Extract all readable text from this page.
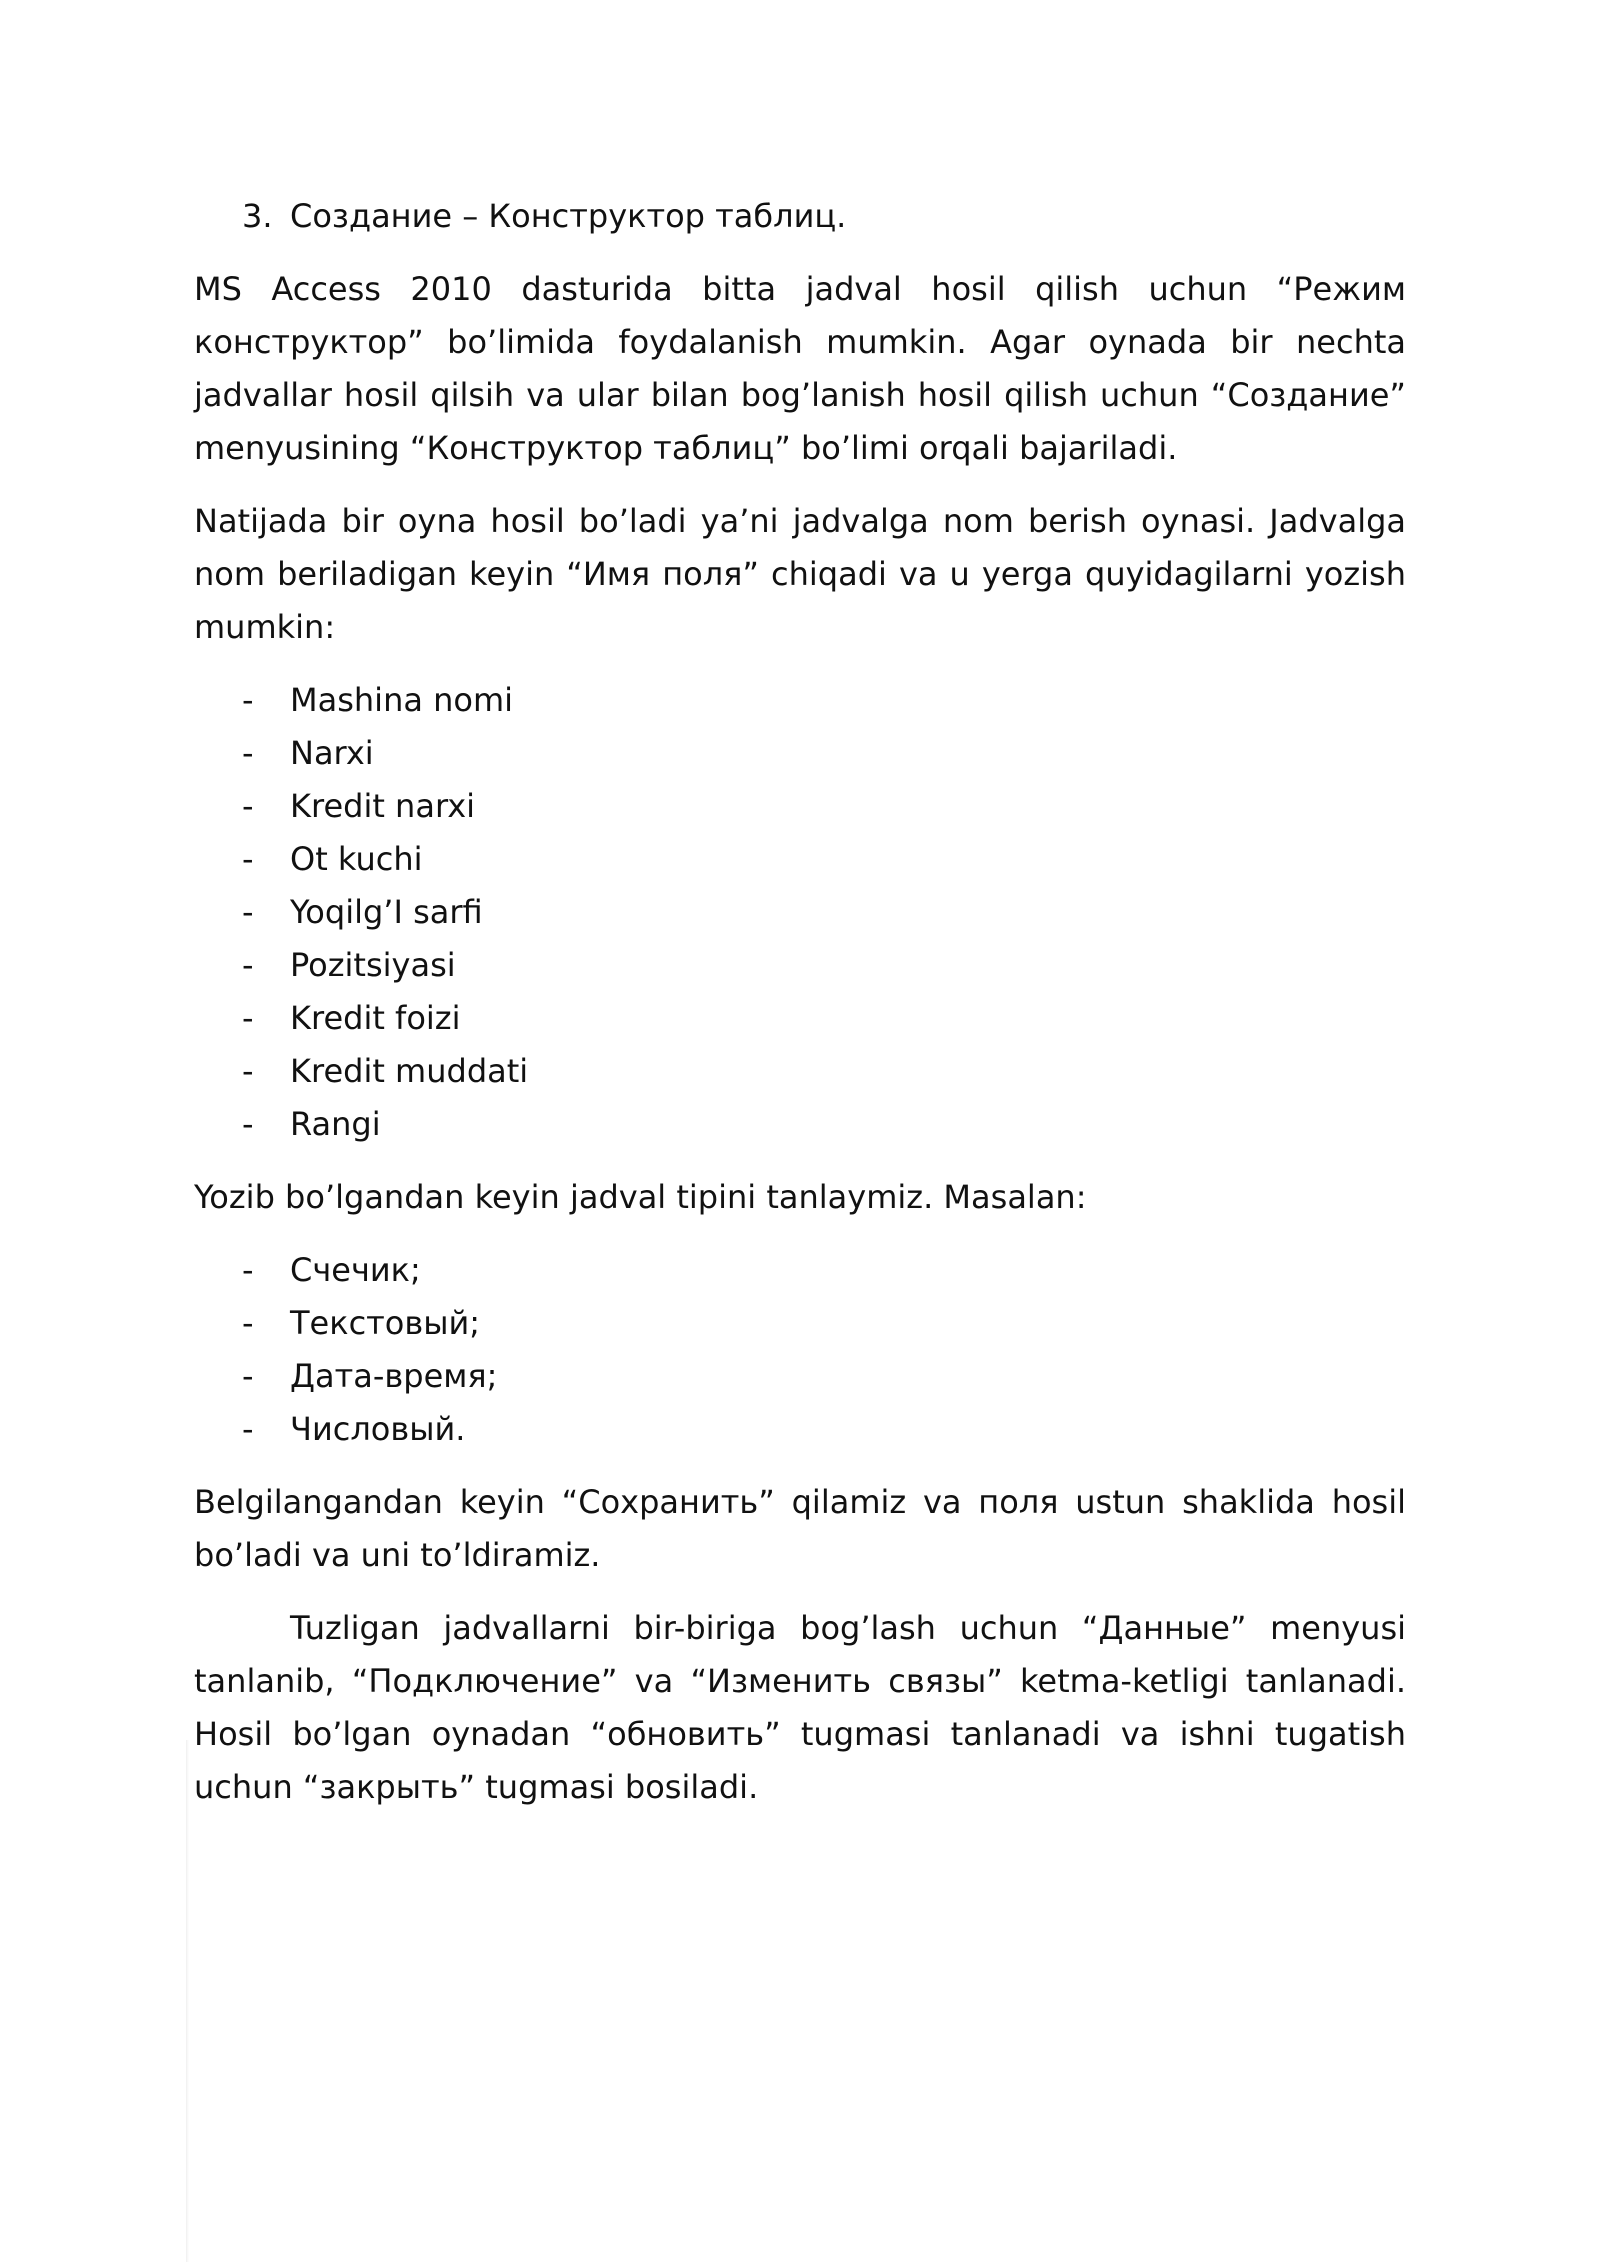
3. Создание – Конструктор таблиц.

MS Access 2010 dasturida bitta jadval hosil qilish uchun “Режим конструктор” bo’limida foydalanish mumkin. Agar oynada bir nechta jadvallar hosil qilsih va ular bilan bog’lanish hosil qilish uchun “Создание” menyusining “Конструктор таблиц” bo’limi orqali bajariladi.

Natijada bir oyna hosil bo’ladi ya’ni jadvalga nom berish oynasi. Jadvalga nom beriladigan keyin “Имя поля” chiqadi va u yerga quyidagilarni yozish mumkin:

-	Mashina nomi
-	Narxi
-	Kredit narxi
-	Ot kuchi
-	Yoqilg’I sarfi
-	Pozitsiyasi
-	Kredit foizi
-	Kredit muddati
-	Rangi

Yozib bo’lgandan keyin jadval tipini tanlaymiz. Masalan:

-	Счечик;
-	Текстовый;
-	Дата-время;
-	Числовый.

Belgilangandan keyin “Сохранить” qilamiz va поля ustun shaklida hosil bo’ladi va uni to’ldiramiz.

Tuzligan jadvallarni bir-biriga bog’lash uchun “Данные” menyusi tanlanib, “Подключение” va “Изменить связы” ketma-ketligi tanlanadi. Hosil bo’lgan oynadan “обновить” tugmasi tanlanadi va ishni tugatish uchun “закрыть” tugmasi bosiladi.
